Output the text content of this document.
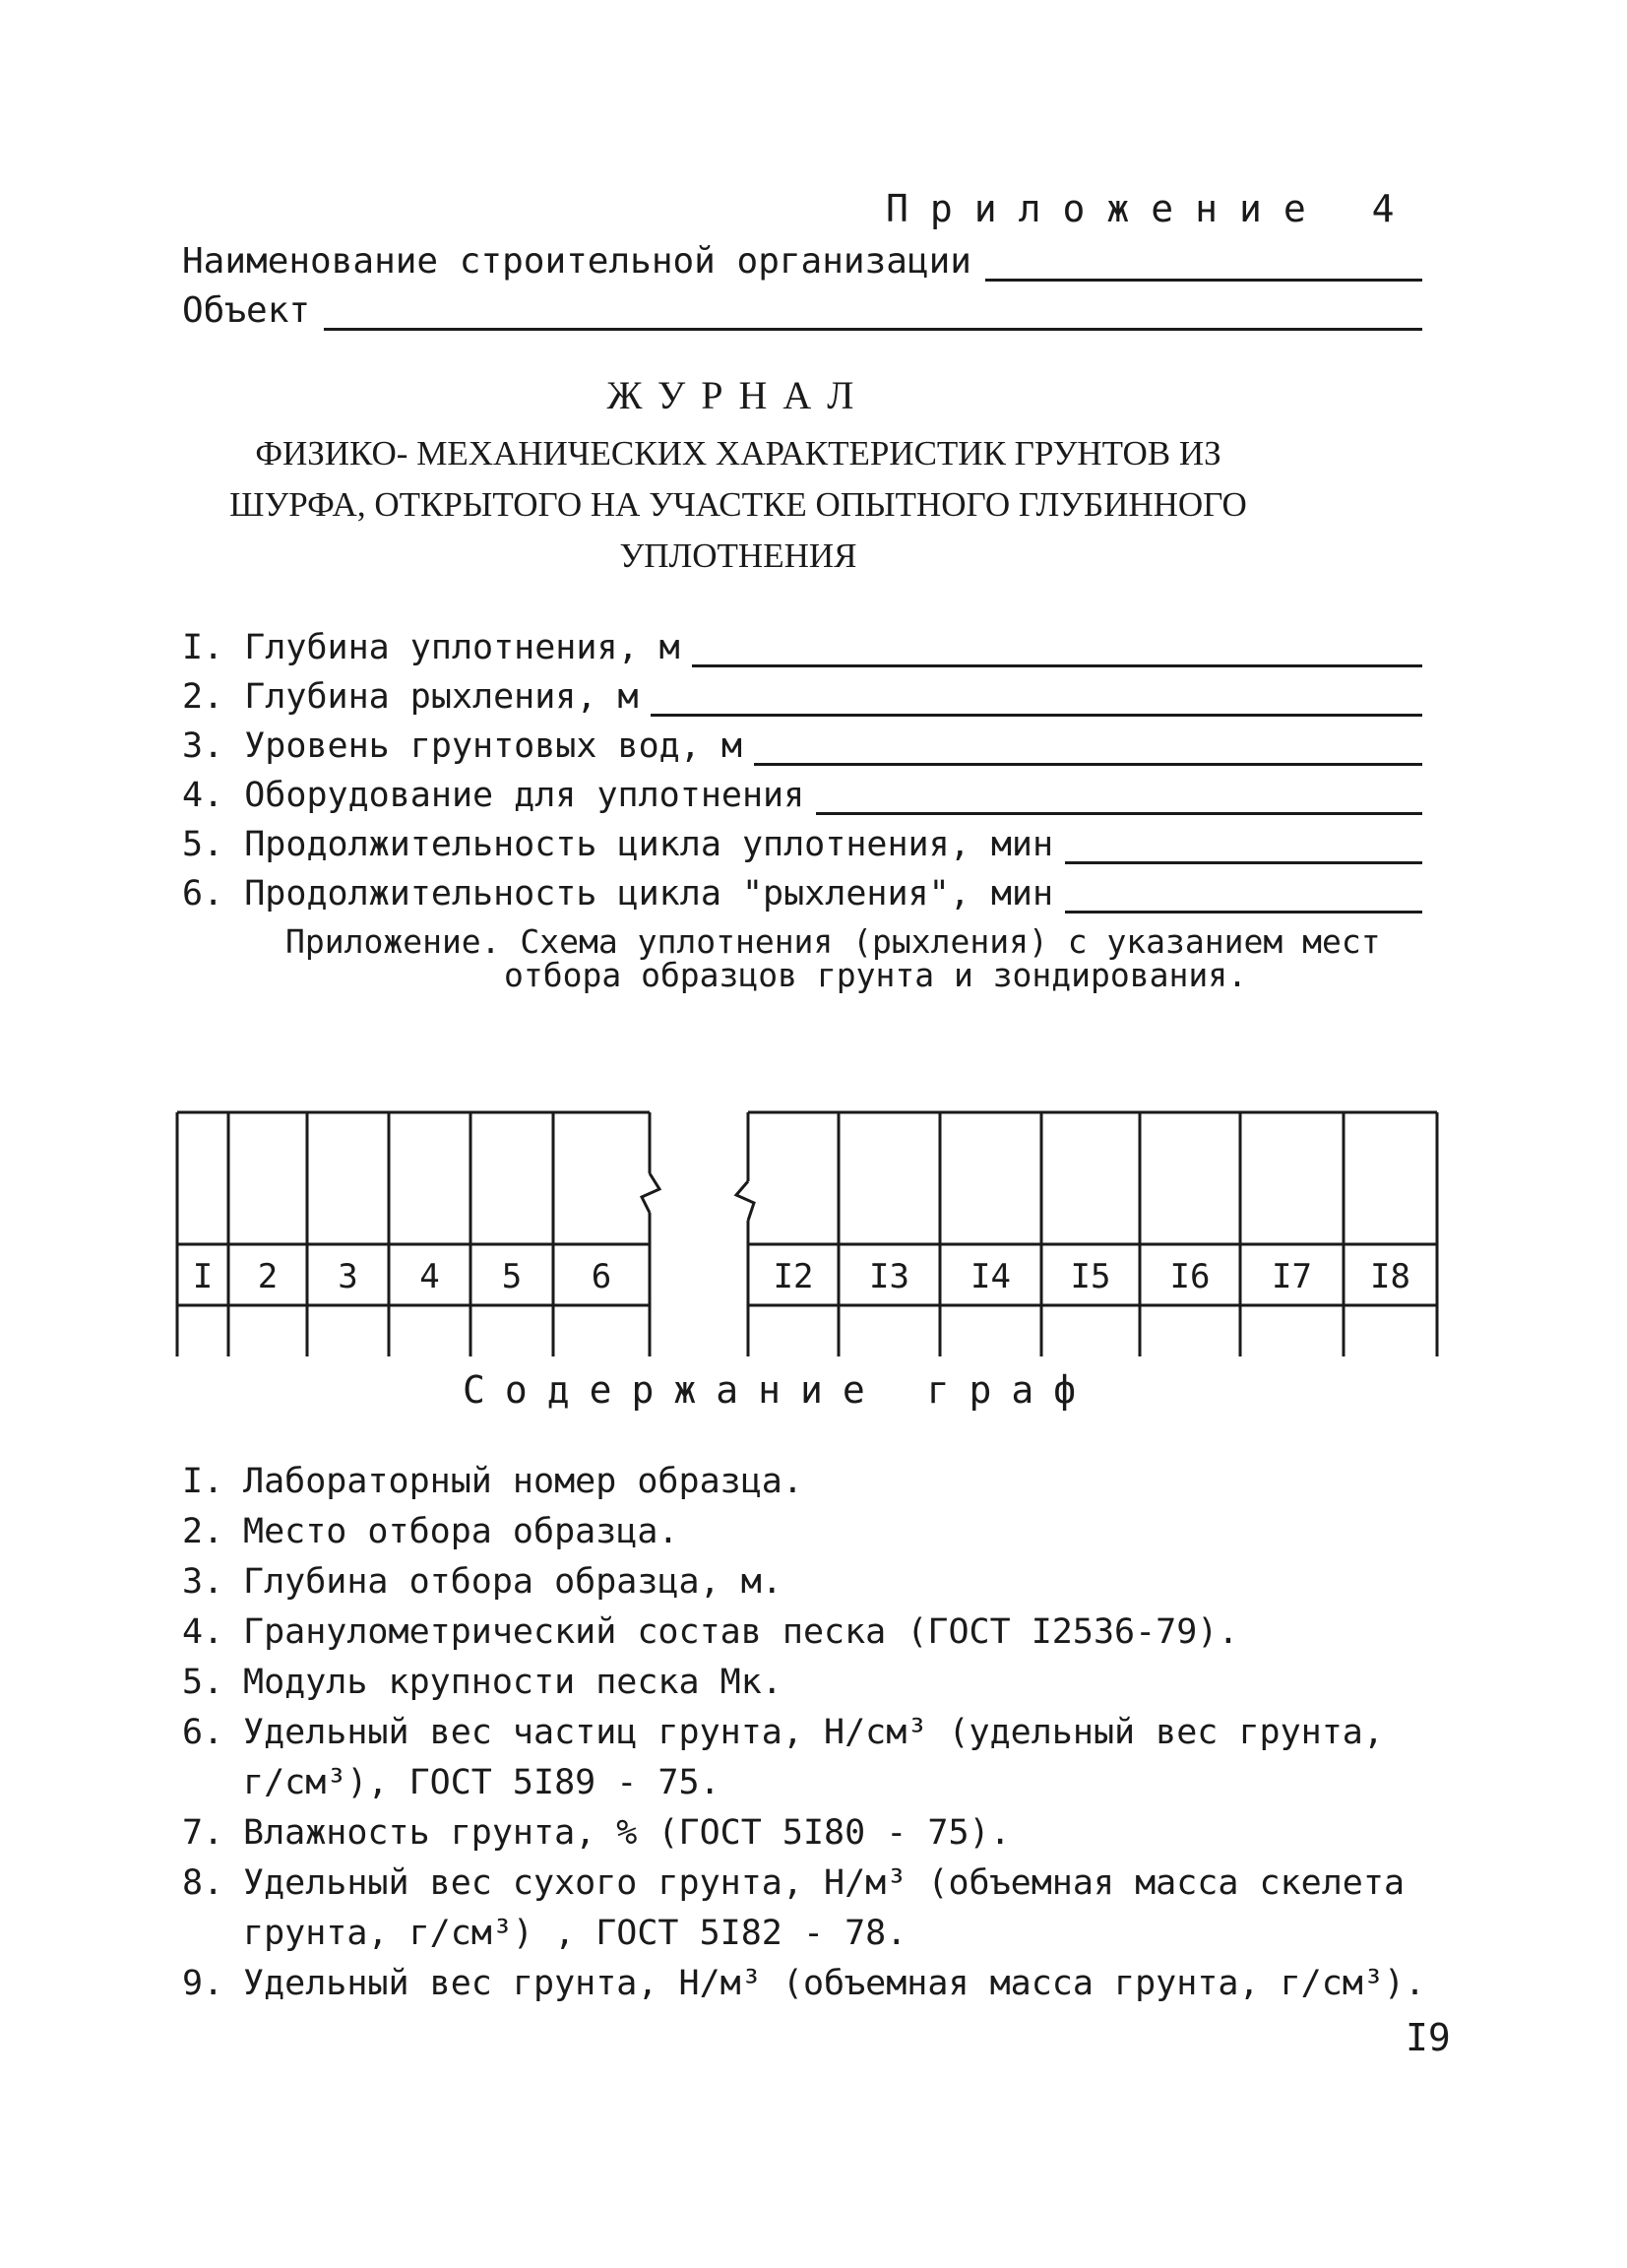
Приложение 4
Наименование строительной организации
Объект
ЖУРНАЛ
ФИЗИКО- МЕХАНИЧЕСКИХ ХАРАКТЕРИСТИК ГРУНТОВ ИЗ ШУРФА, ОТКРЫТОГО НА УЧАСТКЕ ОПЫТНОГО ГЛУБИННОГО УПЛОТНЕНИЯ
I. Глубина уплотнения, м
2. Глубина рыхления, м
3. Уровень грунтовых вод, м
4. Оборудование для уплотнения
5. Продолжительность цикла уплотнения, мин
6. Продолжительность цикла "рыхления", мин
Приложение. Схема уплотнения (рыхления) с указанием мест
отбора образцов грунта и зондирования.
I 2 3 4 5 6	I2 I3 I4 I5 I6 I7 I8
Содержание граф
I. Лабораторный номер образца.
2. Место отбора образца.
3. Глубина отбора образца, м.
4. Гранулометрический состав песка (ГОСТ I2536-79).
5. Модуль крупности песка Мк.
6. Удельный вес частиц грунта, Н/см³ (удельный вес грунта, г/см³), ГОСТ 5I89 - 75.
7. Влажность грунта, % (ГОСТ 5I80 - 75).
8. Удельный вес сухого грунта, Н/м³ (объемная масса скелета грунта, г/см³) , ГОСТ 5I82 - 78.
9. Удельный вес грунта, Н/м³ (объемная масса грунта, г/см³).
I9
